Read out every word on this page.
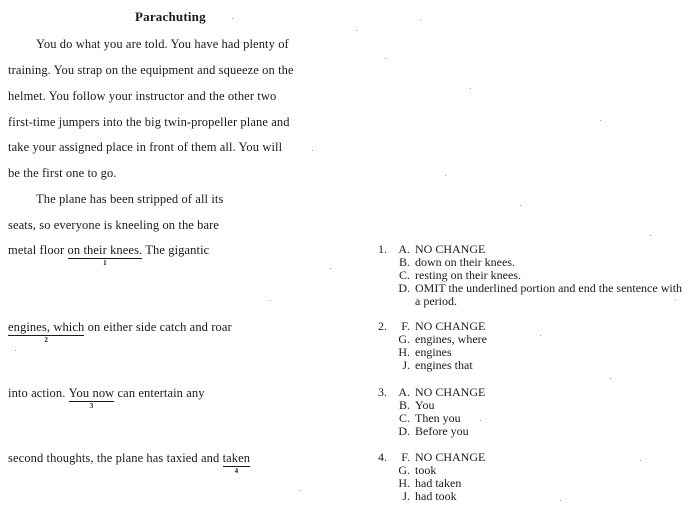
Parachuting
You do what you are told. You have had plenty of
training. You strap on the equipment and squeeze on the
helmet. You follow your instructor and the other two
first-time jumpers into the big twin-propeller plane and
take your assigned place in front of them all. You will
be the first one to go.
The plane has been stripped of all its
seats, so everyone is kneeling on the bare
metal floor on their knees.
1
The gigantic
engines, which
2
on either side catch and roar
into action. You now
3
can entertain any
second thoughts, the plane has taxied and taken
4
1. A. NO CHANGE
B. down on their knees.
C. resting on their knees.
D. OMIT the underlined portion and end the sentence with a period.
2.	F. NO CHANGE
G. engines, where
H. engines
J. engines that
3. A. NO CHANGE
B. You
C. Then you
D. Before you
4.	F. NO CHANGE
G. took
H. had taken
J. had took
